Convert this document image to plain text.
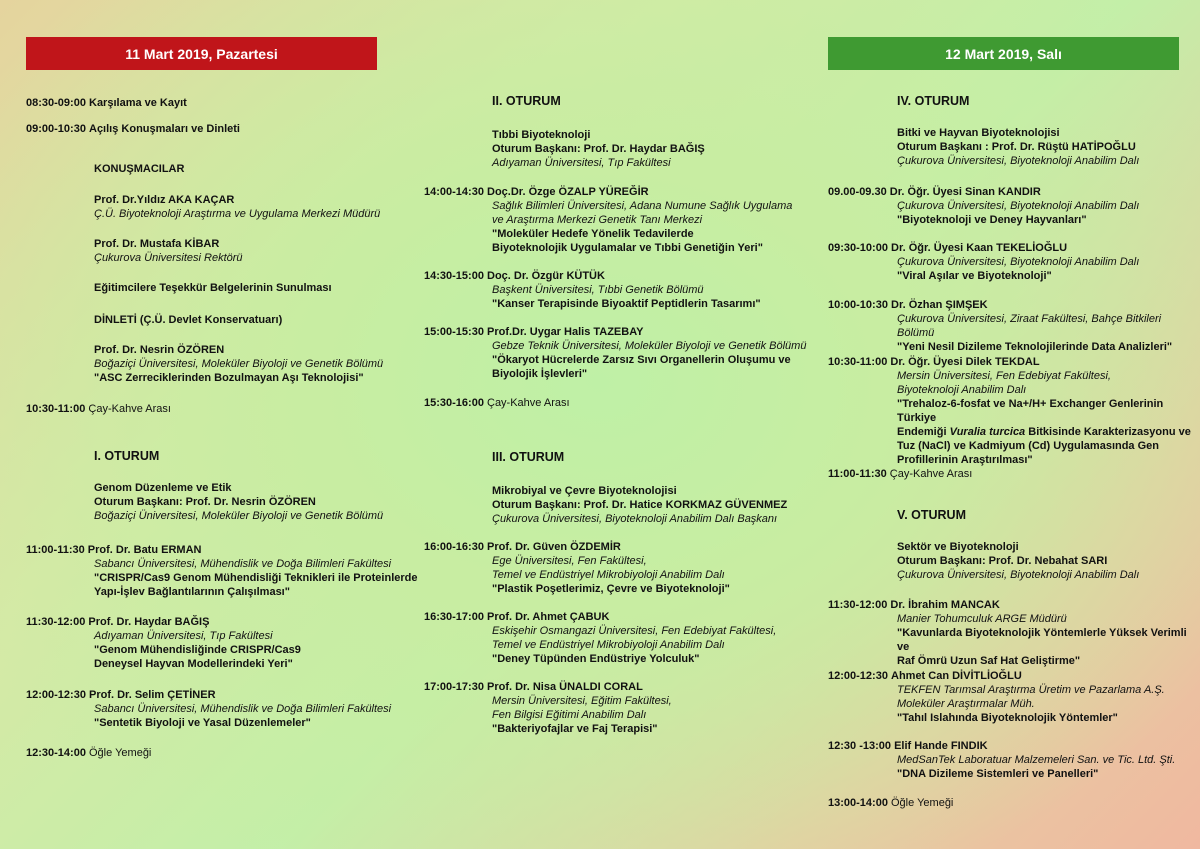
11 Mart 2019, Pazartesi
08:30-09:00 Karşılama ve Kayıt
09:00-10:30 Açılış Konuşmaları ve Dinleti
KONUŞMACILAR
Prof. Dr.Yıldız AKA KAÇAR
Ç.Ü. Biyoteknoloji Araştırma ve Uygulama Merkezi Müdürü
Prof. Dr. Mustafa KİBAR
Çukurova Üniversitesi Rektörü
Eğitimcilere Teşekkür Belgelerinin Sunulması
DİNLETİ (Ç.Ü. Devlet Konservatuarı)
Prof. Dr. Nesrin ÖZÖREN
Boğaziçi Üniversitesi, Moleküler Biyoloji ve Genetik Bölümü
"ASC Zerreciklerinden Bozulmayan Aşı Teknolojisi"
10:30-11:00 Çay-Kahve Arası
I. OTURUM
Genom Düzenleme ve Etik
Oturum Başkanı: Prof. Dr. Nesrin ÖZÖREN
Boğaziçi Üniversitesi, Moleküler Biyoloji ve Genetik Bölümü
11:00-11:30 Prof. Dr. Batu ERMAN
Sabancı Üniversitesi, Mühendislik ve Doğa Bilimleri Fakültesi
"CRISPR/Cas9 Genom Mühendisliği Teknikleri ile Proteinlerde
Yapı-İşlev Bağlantılarının Çalışılması"
11:30-12:00 Prof. Dr. Haydar BAĞIŞ
Adıyaman Üniversitesi, Tıp Fakültesi
"Genom Mühendisliğinde CRISPR/Cas9
Deneysel Hayvan Modellerindeki Yeri"
12:00-12:30 Prof. Dr. Selim ÇETİNER
Sabancı Üniversitesi, Mühendislik ve Doğa Bilimleri Fakültesi
"Sentetik Biyoloji ve Yasal Düzenlemeler"
12:30-14:00 Öğle Yemeği
II. OTURUM
Tıbbi Biyoteknoloji
Oturum Başkanı: Prof. Dr. Haydar BAĞIŞ
Adıyaman Üniversitesi, Tıp Fakültesi
14:00-14:30 Doç.Dr. Özge ÖZALP YÜREĞİR
Sağlık Bilimleri Üniversitesi, Adana Numune Sağlık Uygulama
ve Araştırma Merkezi Genetik Tanı Merkezi
"Moleküler Hedefe Yönelik Tedavilerde
Biyoteknolojik Uygulamalar ve Tıbbi Genetiğin Yeri"
14:30-15:00 Doç. Dr. Özgür KÜTÜK
Başkent Üniversitesi, Tıbbi Genetik Bölümü
"Kanser Terapisinde Biyoaktif Peptidlerin Tasarımı"
15:00-15:30 Prof.Dr. Uygar Halis TAZEBAY
Gebze Teknik Üniversitesi, Moleküler Biyoloji ve Genetik Bölümü
"Ökaryot Hücrelerde Zarsız Sıvı Organellerin Oluşumu ve
Biyolojik İşlevleri"
15:30-16:00 Çay-Kahve Arası
III. OTURUM
Mikrobiyal ve Çevre Biyoteknolojisi
Oturum Başkanı: Prof. Dr. Hatice KORKMAZ GÜVENMEZ
Çukurova Üniversitesi, Biyoteknoloji Anabilim Dalı Başkanı
16:00-16:30 Prof. Dr. Güven ÖZDEMİR
Ege Üniversitesi, Fen Fakültesi,
Temel ve Endüstriyel Mikrobiyoloji Anabilim Dalı
"Plastik Poşetlerimiz, Çevre ve Biyoteknoloji"
16:30-17:00 Prof. Dr. Ahmet ÇABUK
Eskişehir Osmangazi Üniversitesi, Fen Edebiyat Fakültesi,
Temel ve Endüstriyel Mikrobiyoloji Anabilim Dalı
"Deney Tüpünden Endüstriye Yolculuk"
17:00-17:30 Prof. Dr. Nisa ÜNALDI CORAL
Mersin Üniversitesi, Eğitim Fakültesi,
Fen Bilgisi Eğitimi Anabilim Dalı
"Bakteriyofajlar ve Faj Terapisi"
12 Mart 2019, Salı
IV. OTURUM
Bitki ve Hayvan Biyoteknolojisi
Oturum Başkanı : Prof. Dr. Rüştü HATİPOĞLU
Çukurova Üniversitesi, Biyoteknoloji Anabilim Dalı
09.00-09.30 Dr. Öğr. Üyesi Sinan KANDIR
Çukurova Üniversitesi, Biyoteknoloji Anabilim Dalı
"Biyoteknoloji ve Deney Hayvanları"
09:30-10:00 Dr. Öğr. Üyesi Kaan TEKELİOĞLU
Çukurova Üniversitesi, Biyoteknoloji Anabilim Dalı
"Viral Aşılar ve Biyoteknoloji"
10:00-10:30 Dr. Özhan ŞIMŞEK
Çukurova Üniversitesi, Ziraat Fakültesi, Bahçe Bitkileri Bölümü
"Yeni Nesil Dizileme Teknolojilerinde Data Analizleri"
10:30-11:00 Dr. Öğr. Üyesi Dilek TEKDAL
Mersin Üniversitesi, Fen Edebiyat Fakültesi,
Biyoteknoloji Anabilim Dalı
"Trehaloz-6-fosfat ve Na+/H+ Exchanger Genlerinin Türkiye
Endemiği Vuralia turcica Bitkisinde Karakterizasyonu ve
Tuz (NaCl) ve Kadmiyum (Cd) Uygulamasında Gen
Profillerinin Araştırılması"
11:00-11:30 Çay-Kahve Arası
V. OTURUM
Sektör ve Biyoteknoloji
Oturum Başkanı: Prof. Dr. Nebahat SARI
Çukurova Üniversitesi, Biyoteknoloji Anabilim Dalı
11:30-12:00 Dr. İbrahim MANCAK
Manier Tohumculuk ARGE Müdürü
"Kavunlarda Biyoteknolojik Yöntemlerle Yüksek Verimli ve
Raf Ömrü Uzun Saf Hat Geliştirme"
12:00-12:30 Ahmet Can DİVİTLİOĞLU
TEKFEN Tarımsal Araştırma Üretim ve Pazarlama A.Ş.
Moleküler Araştırmalar Müh.
"Tahıl Islahında Biyoteknolojik Yöntemler"
12:30 -13:00 Elif Hande FINDIK
MedSanTek Laboratuar Malzemeleri San. ve Tic. Ltd. Şti.
"DNA Dizileme Sistemleri ve Panelleri"
13:00-14:00 Öğle Yemeği
